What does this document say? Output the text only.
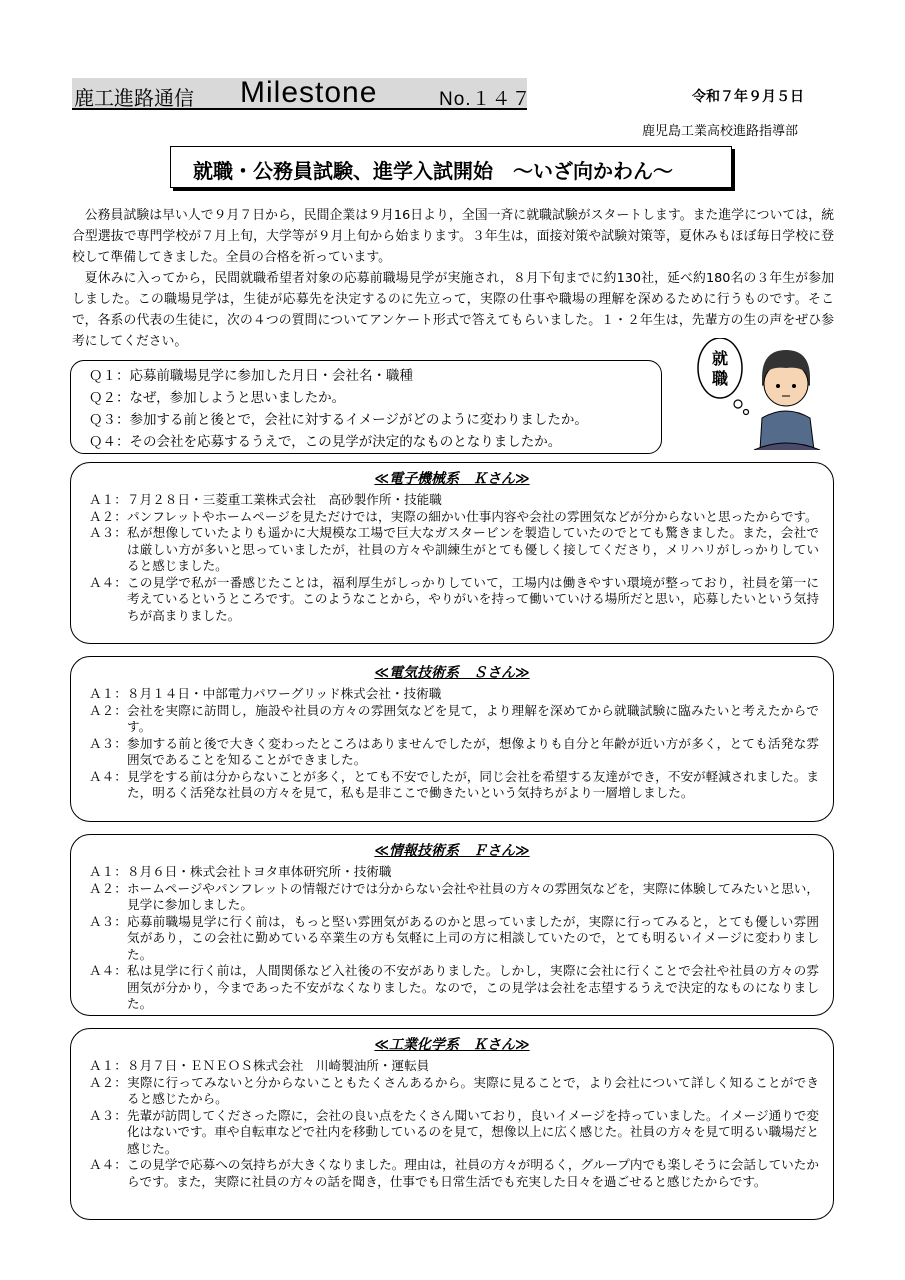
鹿工進路通信 Milestone	No.１４７	令和７年９月５日
鹿児島工業高校進路指導部
就職・公務員試験、進学入試開始　～いざ向かわん～

公務員試験は早い人で９月７日から，民間企業は９月16日より，全国一斉に就職試験がスタートします。また進学については，統合型選抜で専門学校が７月上旬，大学等が９月上旬から始まります。３年生は，面接対策や試験対策等，夏休みもほぼ毎日学校に登校して準備してきました。全員の合格を祈っています。

夏休みに入ってから，民間就職希望者対象の応募前職場見学が実施され，８月下旬までに約130社，延べ約180名の３年生が参加しました。この職場見学は，生徒が応募先を決定するのに先立って，実際の仕事や職場の理解を深めるために行うものです。そこで，各系の代表の生徒に，次の４つの質問についてアンケート形式で答えてもらいました。１・２年生は，先輩方の生の声をぜひ参考にしてください。

Ｑ１：応募前職場見学に参加した月日・会社名・職種
Ｑ２：なぜ，参加しようと思いましたか。
Ｑ３：参加する前と後とで，会社に対するイメージがどのように変わりましたか。
Ｑ４：その会社を応募するうえで，この見学が決定的なものとなりましたか。
就
職
≪電子機械系　Ｋさん≫
Ａ１： ７月２８日・三菱重工業株式会社　高砂製作所・技能職
Ａ２： パンフレットやホームページを見ただけでは，実際の細かい仕事内容や会社の雰囲気などが分からないと思ったからです。
Ａ３： 私が想像していたよりも遥かに大規模な工場で巨大なガスタービンを製造していたのでとても驚きました。また，会社では厳しい方が多いと思っていましたが，社員の方々や訓練生がとても優しく接してくださり，メリハリがしっかりしていると感じました。
Ａ４： この見学で私が一番感じたことは，福利厚生がしっかりしていて，工場内は働きやすい環境が整っており，社員を第一に考えているというところです。このようなことから，やりがいを持って働いていける場所だと思い，応募したいという気持ちが高まりました。
≪電気技術系　Ｓさん≫
Ａ１： ８月１４日・中部電力パワーグリッド株式会社・技術職
Ａ２： 会社を実際に訪問し，施設や社員の方々の雰囲気などを見て，より理解を深めてから就職試験に臨みたいと考えたからです。
Ａ３： 参加する前と後で大きく変わったところはありませんでしたが，想像よりも自分と年齢が近い方が多く，とても活発な雰囲気であることを知ることができました。
Ａ４： 見学をする前は分からないことが多く，とても不安でしたが，同じ会社を希望する友達ができ，不安が軽減されました。また，明るく活発な社員の方々を見て，私も是非ここで働きたいという気持ちがより一層増しました。
≪情報技術系　Ｆさん≫
Ａ１： ８月６日・株式会社トヨタ車体研究所・技術職
Ａ２： ホームページやパンフレットの情報だけでは分からない会社や社員の方々の雰囲気などを，実際に体験してみたいと思い，見学に参加しました。
Ａ３： 応募前職場見学に行く前は，もっと堅い雰囲気があるのかと思っていましたが，実際に行ってみると，とても優しい雰囲気があり，この会社に勤めている卒業生の方も気軽に上司の方に相談していたので，とても明るいイメージに変わりました。
Ａ４： 私は見学に行く前は，人間関係など入社後の不安がありました。しかし，実際に会社に行くことで会社や社員の方々の雰囲気が分かり，今まであった不安がなくなりました。なので，この見学は会社を志望するうえで決定的なものになりました。
≪工業化学系　Ｋさん≫
Ａ１： ８月７日・ＥＮＥＯＳ株式会社　川崎製油所・運転員
Ａ２： 実際に行ってみないと分からないこともたくさんあるから。実際に見ることで，より会社について詳しく知ることができると感じたから。
Ａ３： 先輩が訪問してくださった際に，会社の良い点をたくさん聞いており，良いイメージを持っていました。イメージ通りで変化はないです。車や自転車などで社内を移動しているのを見て，想像以上に広く感じた。社員の方々を見て明るい職場だと感じた。
Ａ４： この見学で応募への気持ちが大きくなりました。理由は，社員の方々が明るく，グループ内でも楽しそうに会話していたからです。また，実際に社員の方々の話を聞き，仕事でも日常生活でも充実した日々を過ごせると感じたからです。
